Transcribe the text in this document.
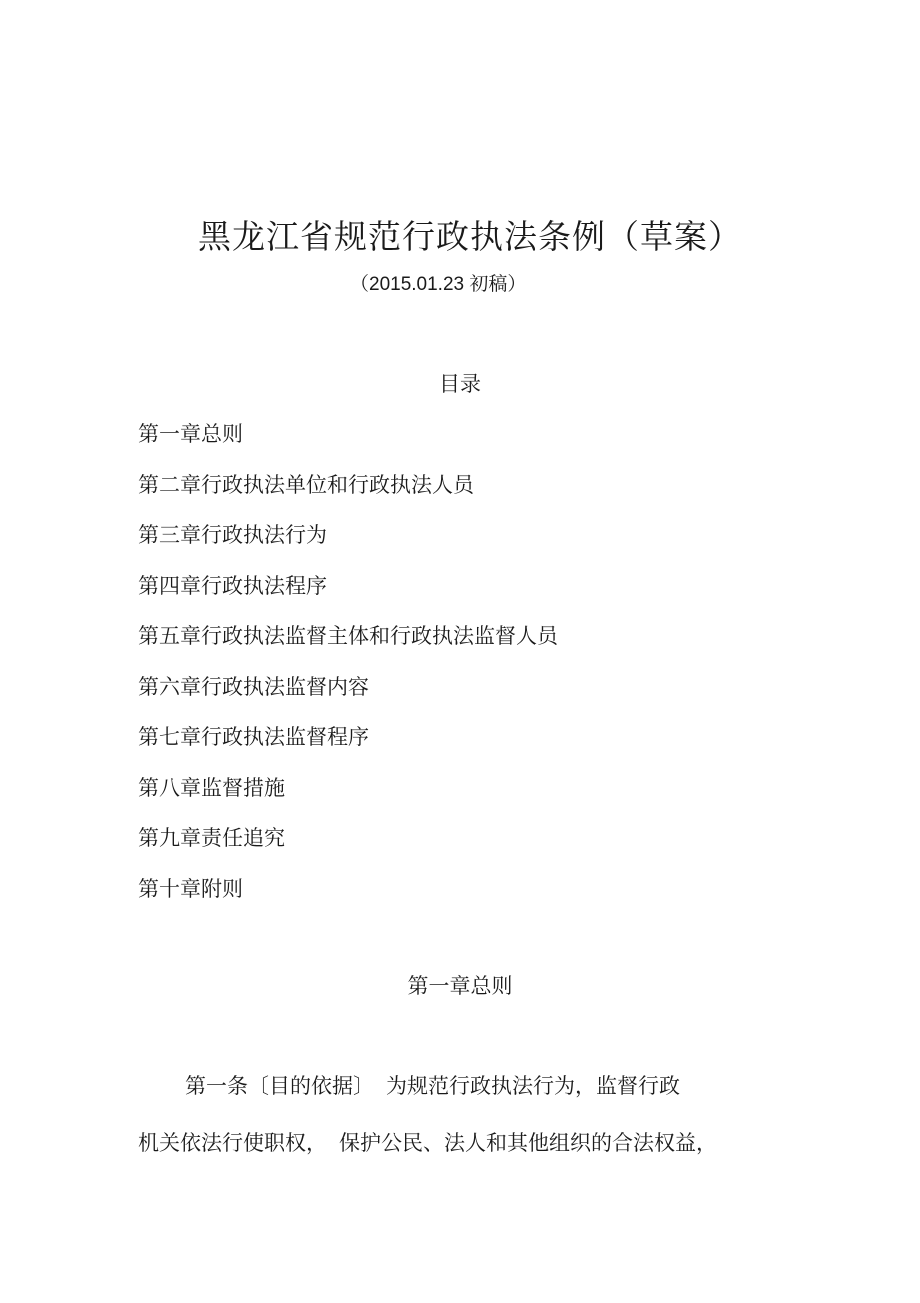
黑龙江省规范行政执法条例（草案）
（2015.01.23 初稿）
目录
第一章总则
第二章行政执法单位和行政执法人员
第三章行政执法行为
第四章行政执法程序
第五章行政执法监督主体和行政执法监督人员
第六章行政执法监督内容
第七章行政执法监督程序
第八章监督措施
第九章责任追究
第十章附则
第一章总则
第一条〔目的依据〕 为规范行政执法行为，监督行政
机关依法行使职权， 保护公民、法人和其他组织的合法权益，
